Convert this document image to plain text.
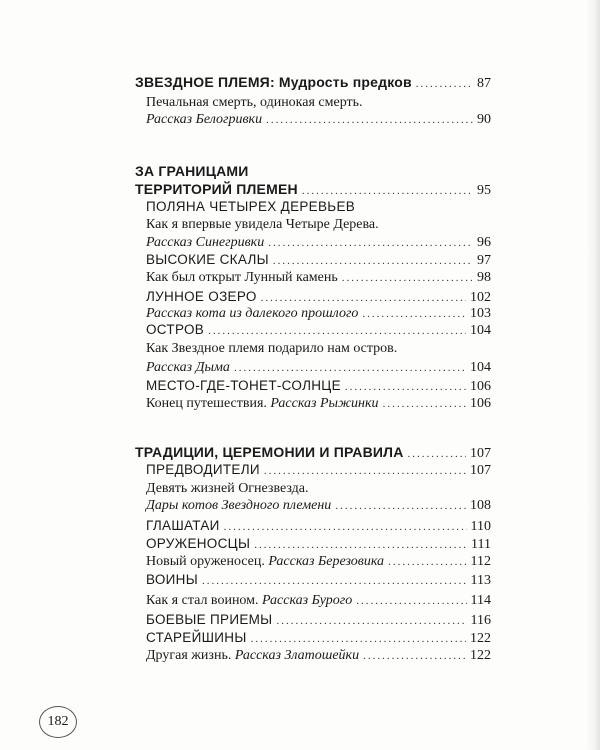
ЗВЕЗДНОЕ ПЛЕМЯ: Мудрость предков .....	87
Печальная смерть, одинокая смерть.
Рассказ Белогривки .....	90
ЗА ГРАНИЦАМИ
ТЕРРИТОРИЙ ПЛЕМЕН .....	95
ПОЛЯНА ЧЕТЫРЕХ ДЕРЕВЬЕВ
Как я впервые увидела Четыре Дерева.
Рассказ Синегривки .....	96
ВЫСОКИЕ СКАЛЫ .....	97
Как был открыт Лунный камень .....	98
ЛУННОЕ ОЗЕРО .....	102
Рассказ кота из далекого прошлого .....	103
ОСТРОВ .....	104
Как Звездное племя подарило нам остров.
Рассказ Дыма .....	104
МЕСТО-ГДЕ-ТОНЕТ-СОЛНЦЕ .....	106
Конец путешествия. Рассказ Рыжинки .....	106
ТРАДИЦИИ, ЦЕРЕМОНИИ И ПРАВИЛА .....	107
ПРЕДВОДИТЕЛИ .....	107
Девять жизней Огнезвезда.
Дары котов Звездного племени .....	108
ГЛАШАТАИ .....	110
ОРУЖЕНОСЦЫ .....	111
Новый оруженосец. Рассказ Березовика .....	112
ВОИНЫ .....	113
Как я стал воином. Рассказ Бурого .....	114
БОЕВЫЕ ПРИЕМЫ .....	116
СТАРЕЙШИНЫ .....	122
Другая жизнь. Рассказ Златошейки .....	122
182
